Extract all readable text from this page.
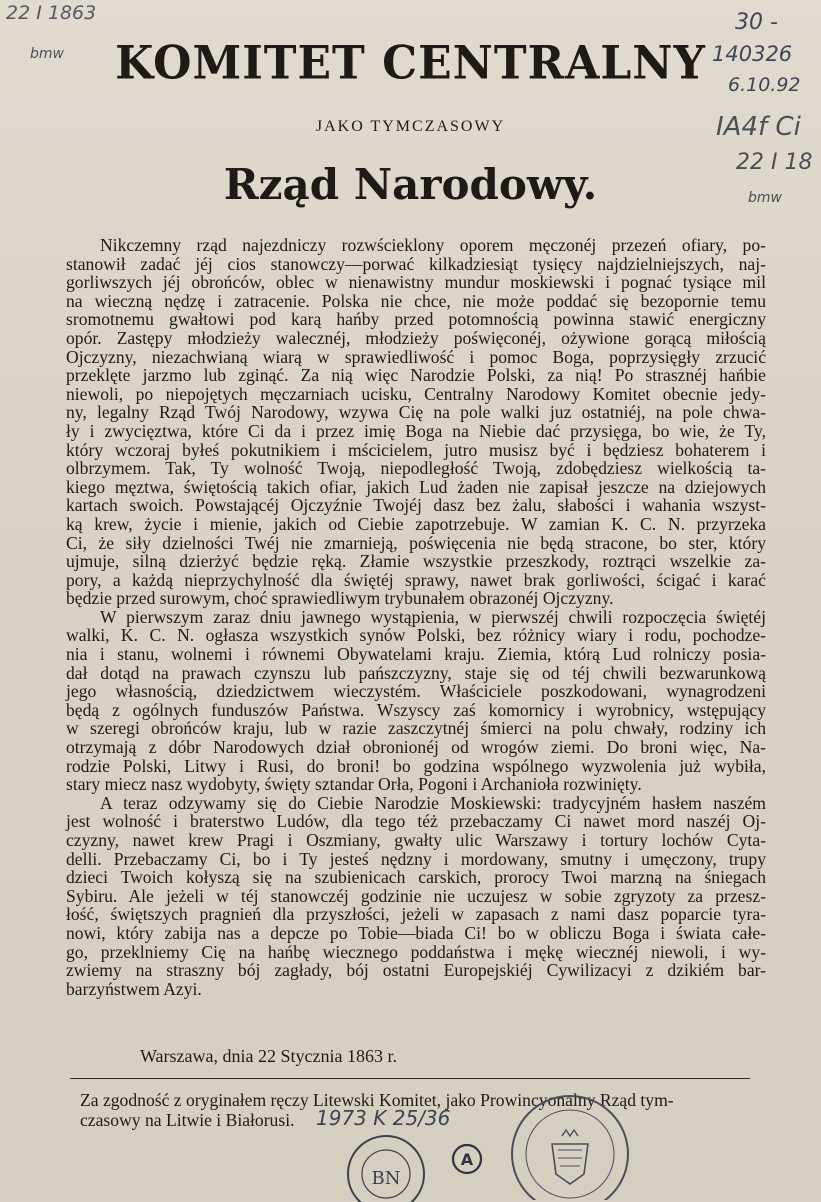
22 I 1863
bmw
30 -
140326
6.10.92
IA4f Ci
22 I 18
bmw
KOMITET CENTRALNY
JAKO TYMCZASOWY
Rząd Narodowy.
Nikczemny rząd najezdniczy rozwścieklony oporem męczonéj przezeń ofiary, po-
stanowił zadać jéj cios stanowczy—porwać kilkadziesiąt tysięcy najdzielniejszych, naj-
gorliwszych jéj obrońców, oblec w nienawistny mundur moskiewski i pognać tysiące mil
na wieczną nędzę i zatracenie. Polska nie chce, nie może poddać się bezopornie temu
sromotnemu gwałtowi pod karą hańby przed potomnością powinna stawić energiczny
opór. Zastępy młodzieży walecznéj, młodzieży poświęconéj, ożywione gorącą miłością
Ojczyzny, niezachwianą wiarą w sprawiedliwość i pomoc Boga, poprzysięgły zrzucić
przeklęte jarzmo lub zginąć. Za nią więc Narodzie Polski, za nią! Po strasznéj hańbie
niewoli, po niepojętych męczarniach ucisku, Centralny Narodowy Komitet obecnie jedy-
ny, legalny Rząd Twój Narodowy, wzywa Cię na pole walki juz ostatniéj, na pole chwa-
ły i zwycięztwa, które Ci da i przez imię Boga na Niebie dać przysięga, bo wie, że Ty,
który wczoraj byłeś pokutnikiem i mścicielem, jutro musisz być i będziesz bohaterem i
olbrzymem. Tak, Ty wolność Twoją, niepodległość Twoją, zdobędziesz wielkością ta-
kiego męztwa, świętością takich ofiar, jakich Lud żaden nie zapisał jeszcze na dziejowych
kartach swoich. Powstającéj Ojczyźnie Twojéj dasz bez żalu, słabości i wahania wszyst-
ką krew, życie i mienie, jakich od Ciebie zapotrzebuje. W zamian K. C. N. przyrzeka
Ci, że siły dzielności Twéj nie zmarnieją, poświęcenia nie będą stracone, bo ster, który
ujmuje, silną dzierżyć będzie ręką. Złamie wszystkie przeszkody, roztrąci wszelkie za-
pory, a każdą nieprzychylność dla świętéj sprawy, nawet brak gorliwości, ścigać i karać
będzie przed surowym, choć sprawiedliwym trybunałem obrazonéj Ojczyzny.
W pierwszym zaraz dniu jawnego wystąpienia, w pierwszéj chwili rozpoczęcia świętéj
walki, K. C. N. ogłasza wszystkich synów Polski, bez różnicy wiary i rodu, pochodze-
nia i stanu, wolnemi i równemi Obywatelami kraju. Ziemia, którą Lud rolniczy posia-
dał dotąd na prawach czynszu lub pańszczyzny, staje się od téj chwili bezwarunkową
jego własnością, dziedzictwem wieczystém. Właściciele poszkodowani, wynagrodzeni
będą z ogólnych funduszów Państwa. Wszyscy zaś komornicy i wyrobnicy, wstępujący
w szeregi obrońców kraju, lub w razie zaszczytnéj śmierci na polu chwały, rodziny ich
otrzymają z dóbr Narodowych dział obronionéj od wrogów ziemi. Do broni więc, Na-
rodzie Polski, Litwy i Rusi, do broni! bo godzina wspólnego wyzwolenia już wybiła,
stary miecz nasz wydobyty, święty sztandar Orła, Pogoni i Archanioła rozwinięty.
A teraz odzywamy się do Ciebie Narodzie Moskiewski: tradycyjném hasłem naszém
jest wolność i braterstwo Ludów, dla tego téż przebaczamy Ci nawet mord naszéj Oj-
czyzny, nawet krew Pragi i Oszmiany, gwałty ulic Warszawy i tortury lochów Cyta-
delli. Przebaczamy Ci, bo i Ty jesteś nędzny i mordowany, smutny i umęczony, trupy
dzieci Twoich kołyszą się na szubienicach carskich, prorocy Twoi marzną na śniegach
Sybiru. Ale jeżeli w téj stanowczéj godzinie nie uczujesz w sobie zgryzoty za przesz-
łość, świętszych pragnień dla przyszłości, jeżeli w zapasach z nami dasz poparcie tyra-
nowi, który zabija nas a depcze po Tobie—biada Ci! bo w obliczu Boga i świata całe-
go, przeklniemy Cię na hańbę wiecznego poddaństwa i mękę wiecznéj niewoli, i wy-
zwiemy na straszny bój zagłady, bój ostatni Europejskiéj Cywilizacyi z dzikiém bar-
barzyństwem Azyi.
Warszawa, dnia 22 Stycznia 1863 r.
Za zgodność z oryginałem ręczy Litewski Komitet, jako Prowincyonalny Rząd tym-
czasowy na Litwie i Białorusi.	1973 K 25/36
BN
A
